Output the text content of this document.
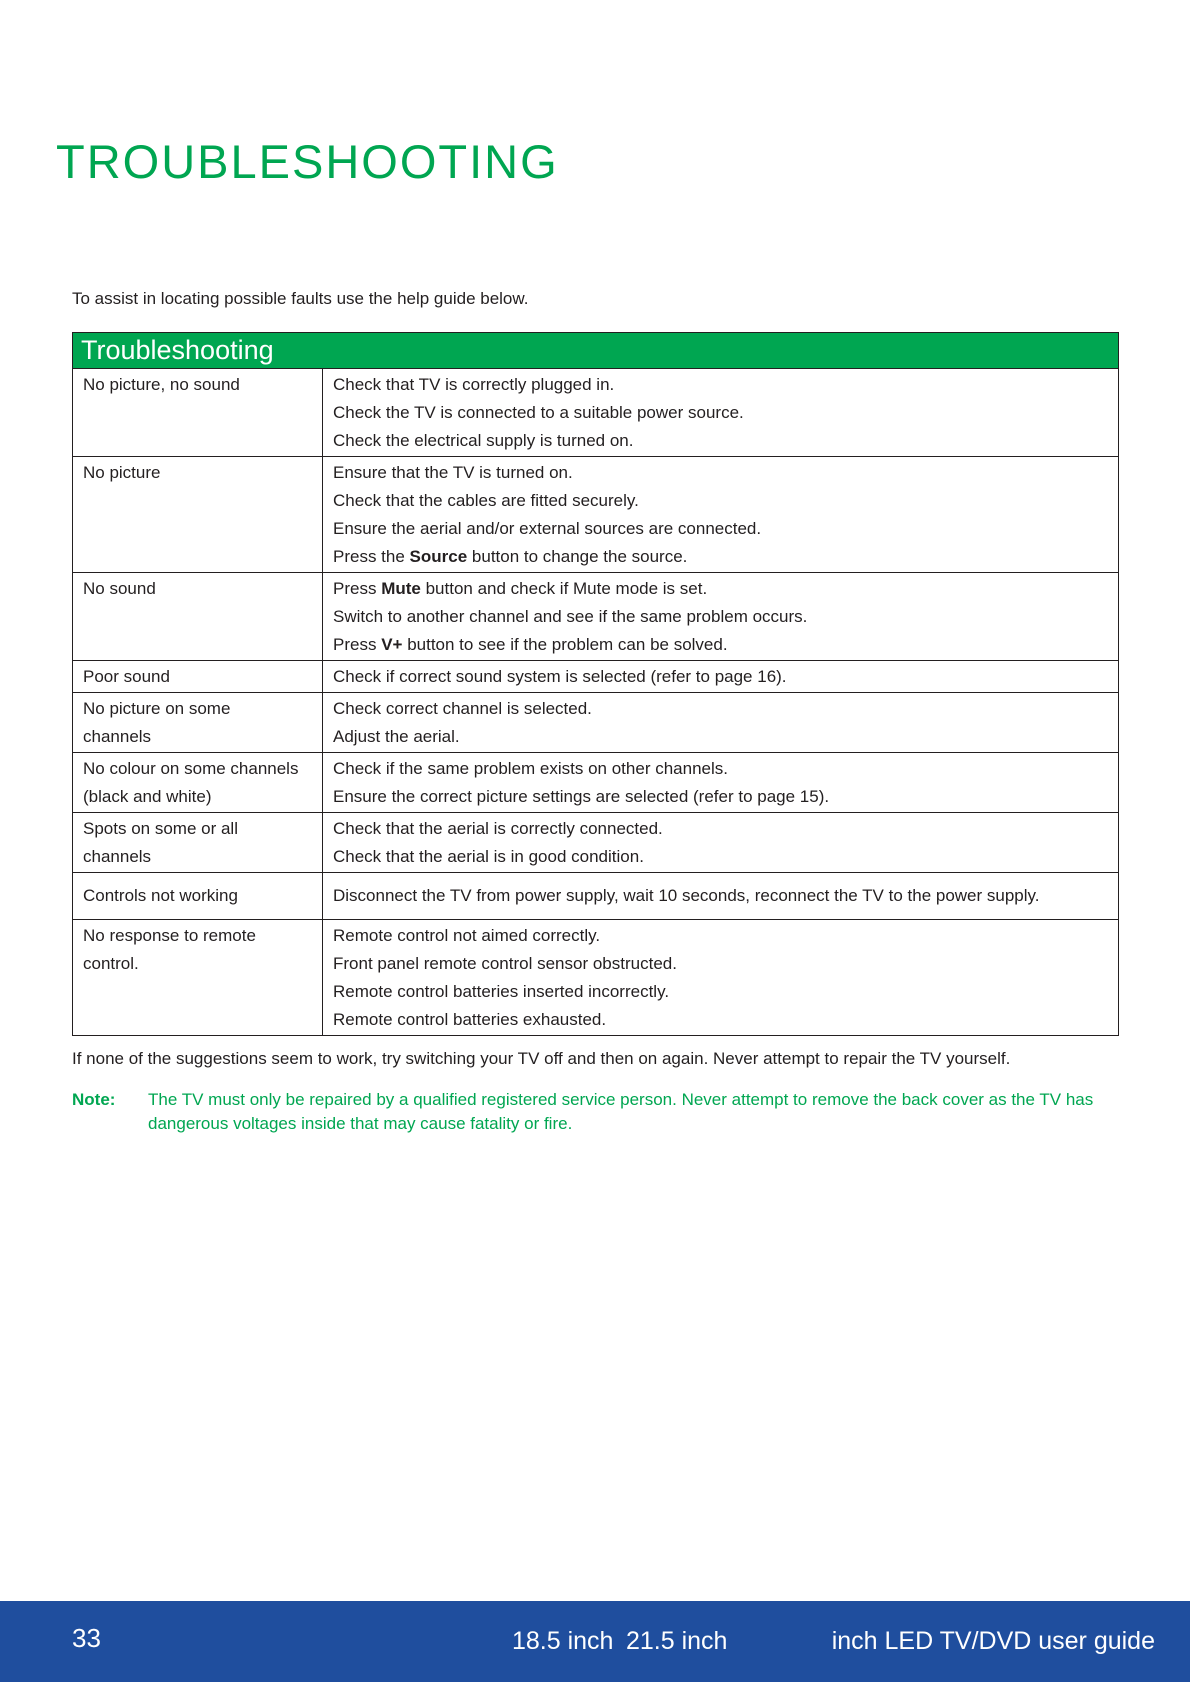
TROUBLESHOOTING

To assist in locating possible faults use the help guide below.

Troubleshooting	

No picture, no sound	Check that TV is correctly plugged in.
Check the TV is connected to a suitable power source.
Check the electrical supply is turned on.

No picture	Ensure that the TV is turned on.
Check that the cables are fitted securely.
Ensure the aerial and/or external sources are connected.
Press the Source button to change the source.

No sound	Press Mute button and check if Mute mode is set.
Switch to another channel and see if the same problem occurs.
Press V+ button to see if the problem can be solved.

Poor sound	Check if correct sound system is selected (refer to page 16).

No picture on some
channels	Check correct channel is selected.
Adjust the aerial.

No colour on some channels
(black and white)	Check if the same problem exists on other channels.
Ensure the correct picture settings are selected (refer to page 15).

Spots on some or all
channels	Check that the aerial is correctly connected.
Check that the aerial is in good condition.

Controls not working	Disconnect the TV from power supply, wait 10 seconds, reconnect the TV to the power supply.

No response to remote
control.	Remote control not aimed correctly.
Front panel remote control sensor obstructed.
Remote control batteries inserted incorrectly.
Remote control batteries exhausted.

If none of the suggestions seem to work, try switching your TV off and then on again. Never attempt to repair the TV yourself.

Note: The TV must only be repaired by a qualified registered service person. Never attempt to remove the back cover as the TV has dangerous voltages inside that may cause fatality or fire.
33	18.5 inch 21.5 inch	inch LED TV/DVD user guide
